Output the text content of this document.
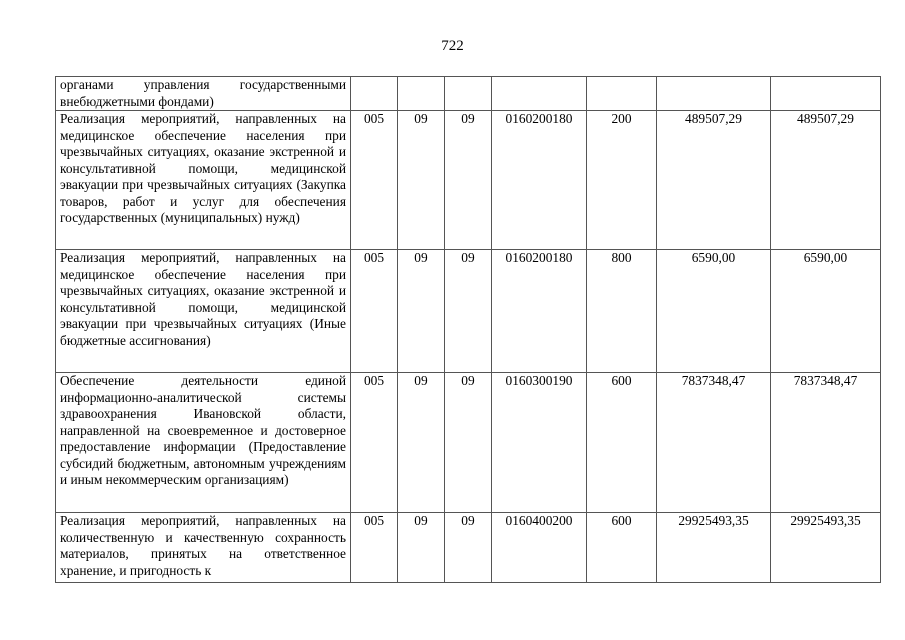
722
органами управления государственными внебюджетными фондами)							
Реализация мероприятий, направленных на медицинское обеспечение населения при чрезвычайных ситуациях, оказание экстренной и консультативной помощи, медицинской эвакуации при чрезвычайных ситуациях (Закупка товаров, работ и услуг для обеспечения государственных (муниципальных) нужд)	005	09	09	0160200180	200	489507,29	489507,29
Реализация мероприятий, направленных на медицинское обеспечение населения при чрезвычайных ситуациях, оказание экстренной и консультативной помощи, медицинской эвакуации при чрезвычайных ситуациях (Иные бюджетные ассигнования)	005	09	09	0160200180	800	6590,00	6590,00
Обеспечение деятельности единой информационно-аналитической системы здравоохранения Ивановской области, направленной на своевременное и достоверное предоставление информации (Предоставление субсидий бюджетным, автономным учреждениям и иным некоммерческим организациям)	005	09	09	0160300190	600	7837348,47	7837348,47
Реализация мероприятий, направленных на количественную и качественную сохранность материалов, принятых на ответственное хранение, и пригодность к	005	09	09	0160400200	600	29925493,35	29925493,35
